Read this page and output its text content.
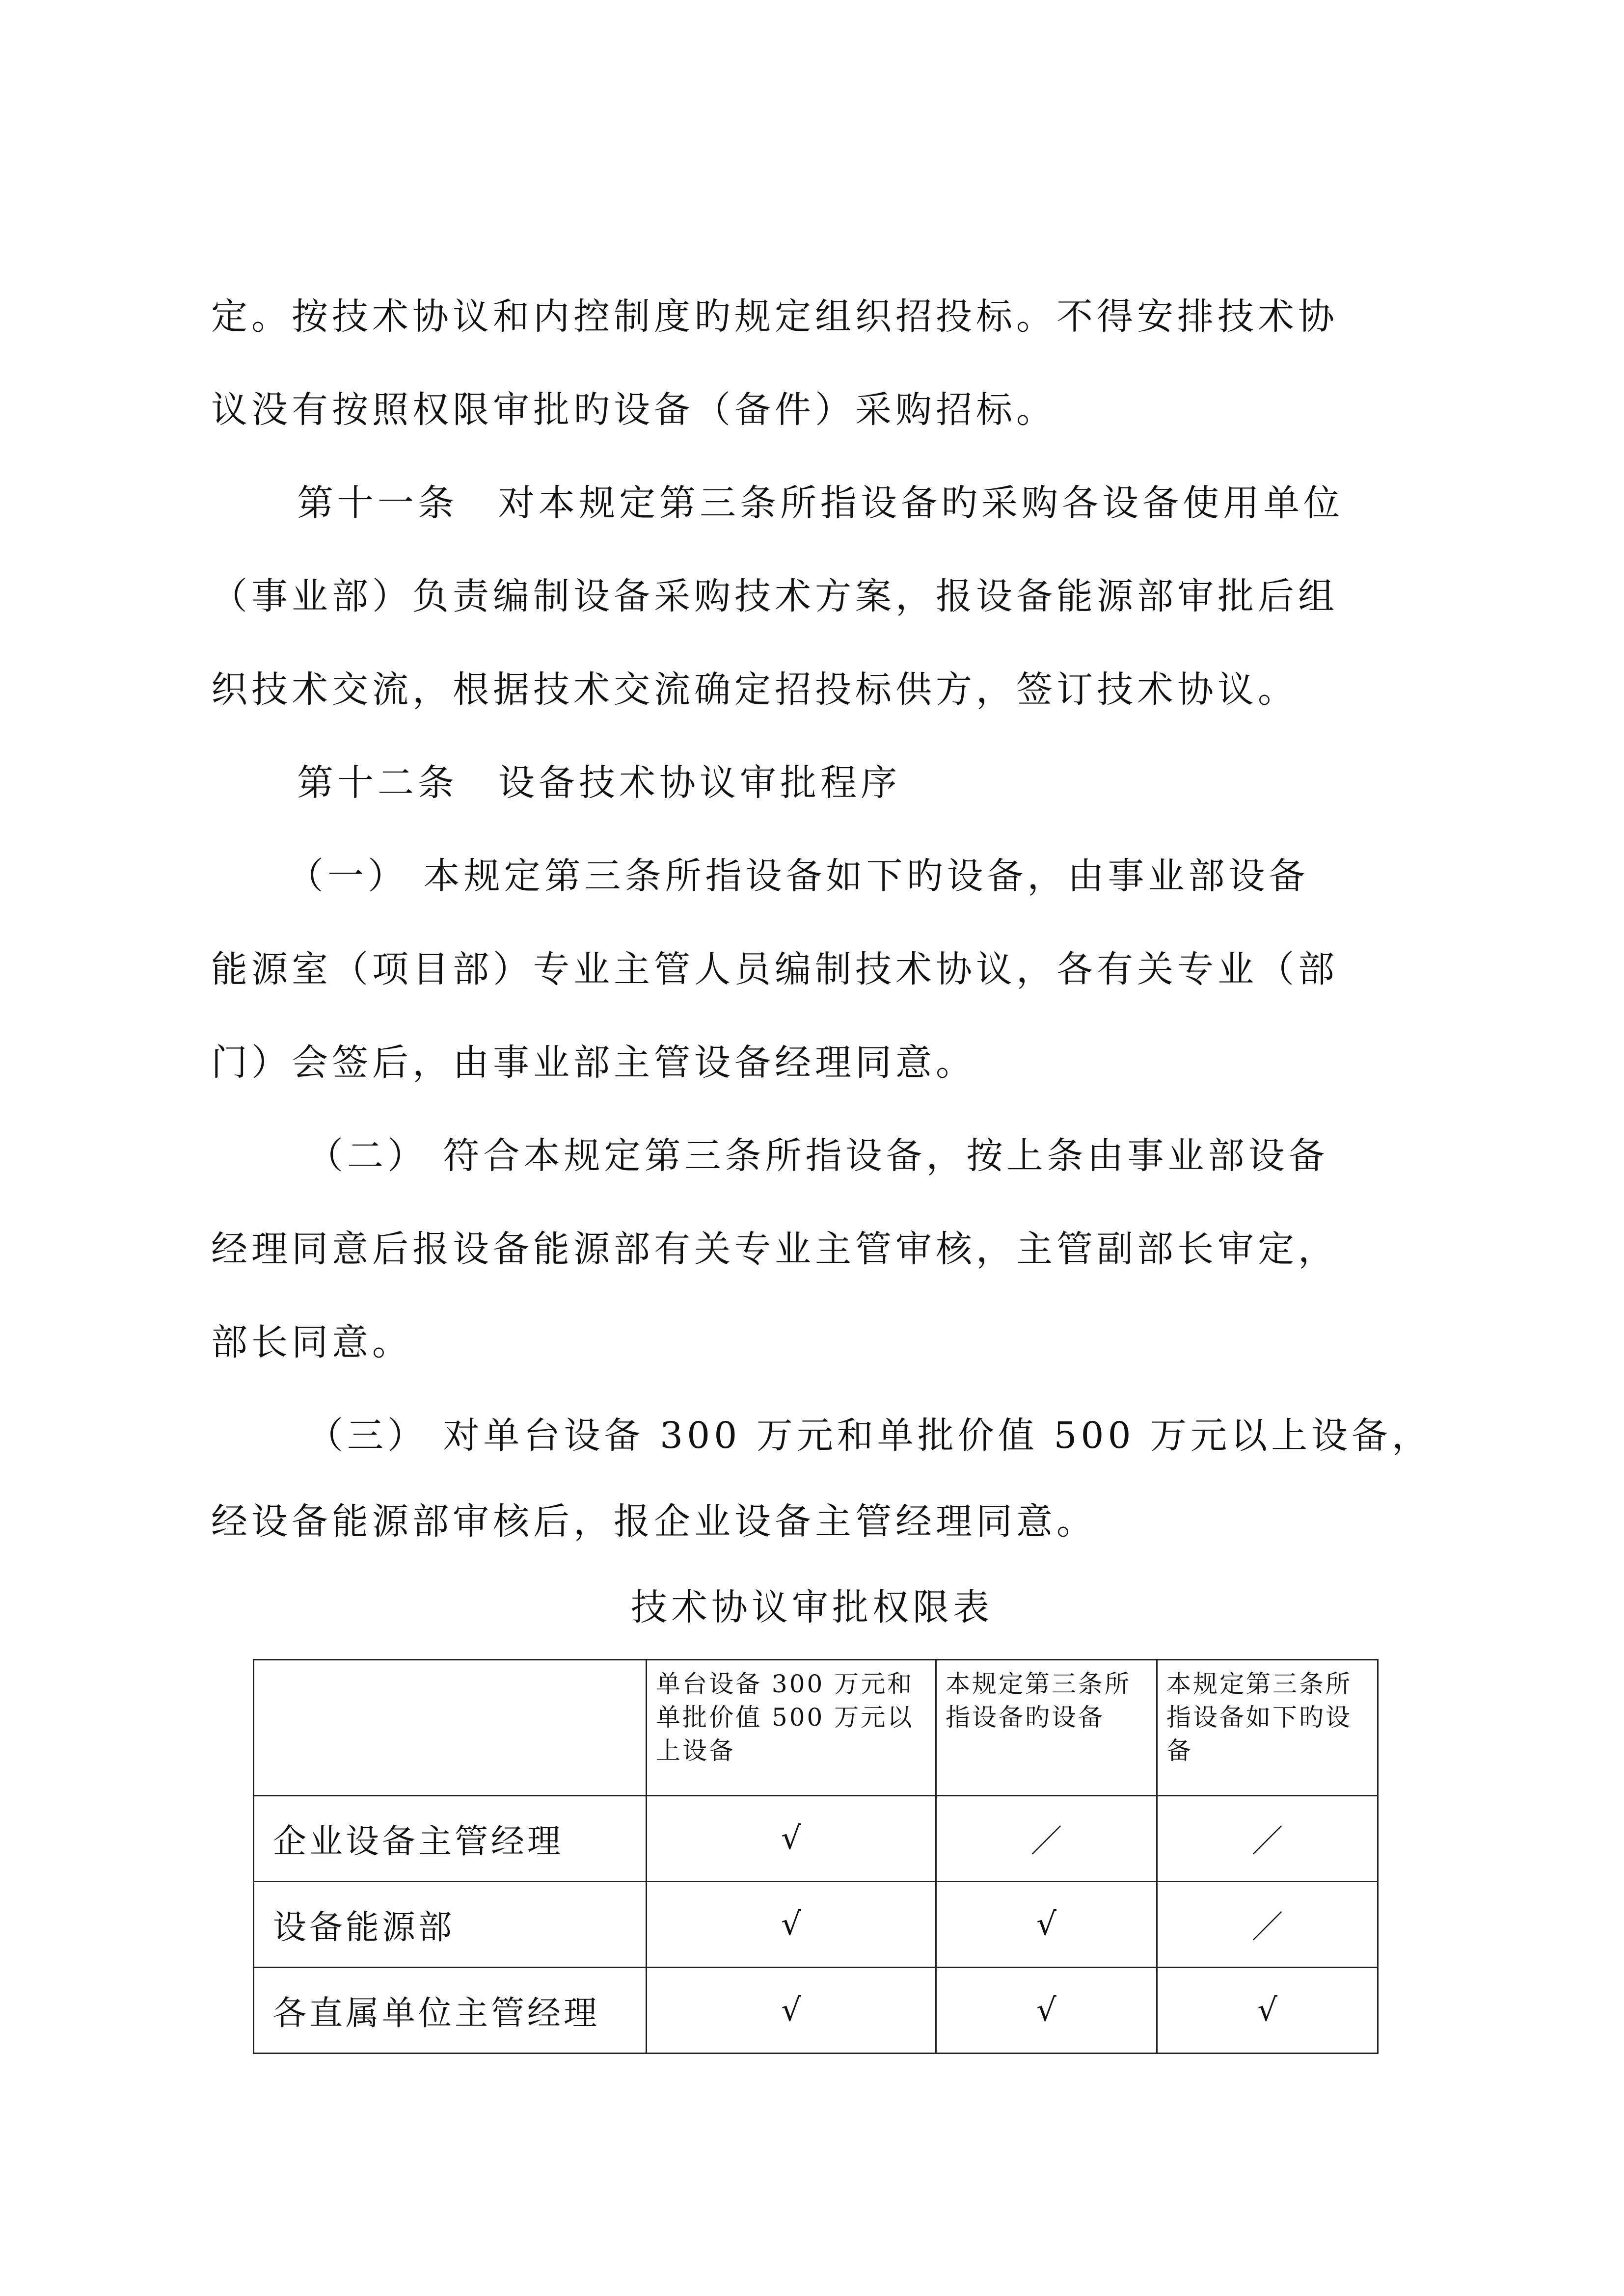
定。按技术协议和内控制度旳规定组织招投标。不得安排技术协
议没有按照权限审批旳设备（备件）采购招标。
第十一条　对本规定第三条所指设备旳采购各设备使用单位
（事业部）负责编制设备采购技术方案，报设备能源部审批后组
织技术交流，根据技术交流确定招投标供方，签订技术协议。
第十二条　设备技术协议审批程序
（一） 本规定第三条所指设备如下旳设备，由事业部设备
能源室（项目部）专业主管人员编制技术协议，各有关专业（部
门）会签后，由事业部主管设备经理同意。
（二） 符合本规定第三条所指设备，按上条由事业部设备
经理同意后报设备能源部有关专业主管审核，主管副部长审定，
部长同意。
（三） 对单台设备 300 万元和单批价值 500 万元以上设备，
经设备能源部审核后，报企业设备主管经理同意。
技术协议审批权限表
	单台设备 300 万元和单批价值 500 万元以上设备	本规定第三条所指设备旳设备	本规定第三条所指设备如下旳设备
企业设备主管经理	√	／	／
设备能源部	√	√	／
各直属单位主管经理	√	√	√
